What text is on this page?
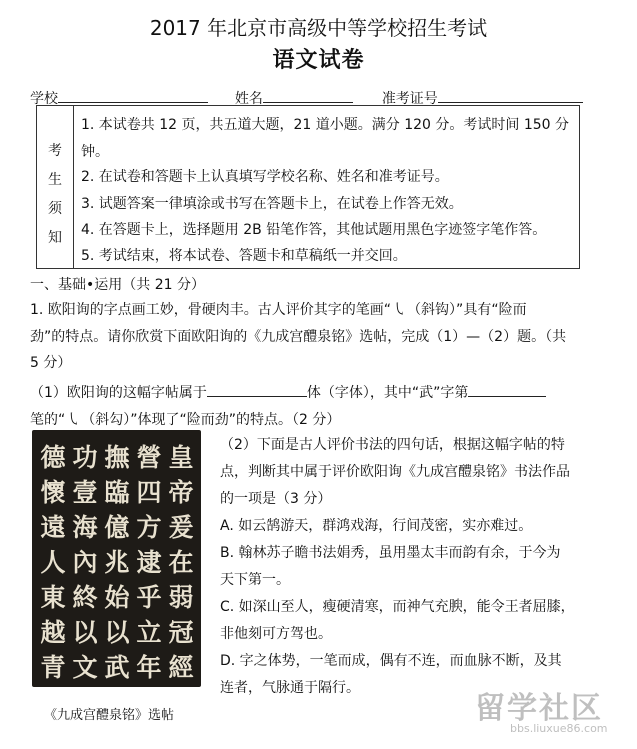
2017 年北京市高级中等学校招生考试
语文试卷
学校	姓名	准考证号
考
生
须
知
1. 本试卷共 12 页，共五道大题，21 道小题。满分 120 分。考试时间 150 分
钟。
2. 在试卷和答题卡上认真填写学校名称、姓名和准考证号。
3. 试题答案一律填涂或书写在答题卡上，在试卷上作答无效。
4. 在答题卡上，选择题用 2B 铅笔作答，其他试题用黑色字迹签字笔作答。
5. 考试结束，将本试卷、答题卡和草稿纸一并交回。
一、基础•运用（共 21 分）
1. 欧阳询的字点画工妙，骨硬肉丰。古人评价其字的笔画“㇂（斜钩）”具有“险而
劲”的特点。请你欣赏下面欧阳询的《九成宫醴泉铭》选帖，完成（1）—（2）题。（共
5 分）
（1）欧阳询的这幅字帖属于	体（字体），其中“武”字第
笔的“㇂（斜勾）”体现了“险而劲”的特点。（2 分）
皇帝爰在弱冠經
營四方逮乎立年
撫臨億兆始以武
功壹海內終以文
德懷遠人東越青
《九成宫醴泉铭》选帖
（2）下面是古人评价书法的四句话，根据这幅字帖的特
点，判断其中属于评价欧阳询《九成宫醴泉铭》书法作品
的一项是（3 分）
A. 如云鹄游天，群鸿戏海，行间茂密，实亦难过。
B. 翰林苏子瞻书法娟秀，虽用墨太丰而韵有余，于今为
天下第一。
C. 如深山至人，瘦硬清寒，而神气充腴，能令王者屈膝，
非他刻可方驾也。
D. 字之体势，一笔而成，偶有不连，而血脉不断，及其
连者，气脉通于隔行。
留学社区
bbs.liuxue86.com
